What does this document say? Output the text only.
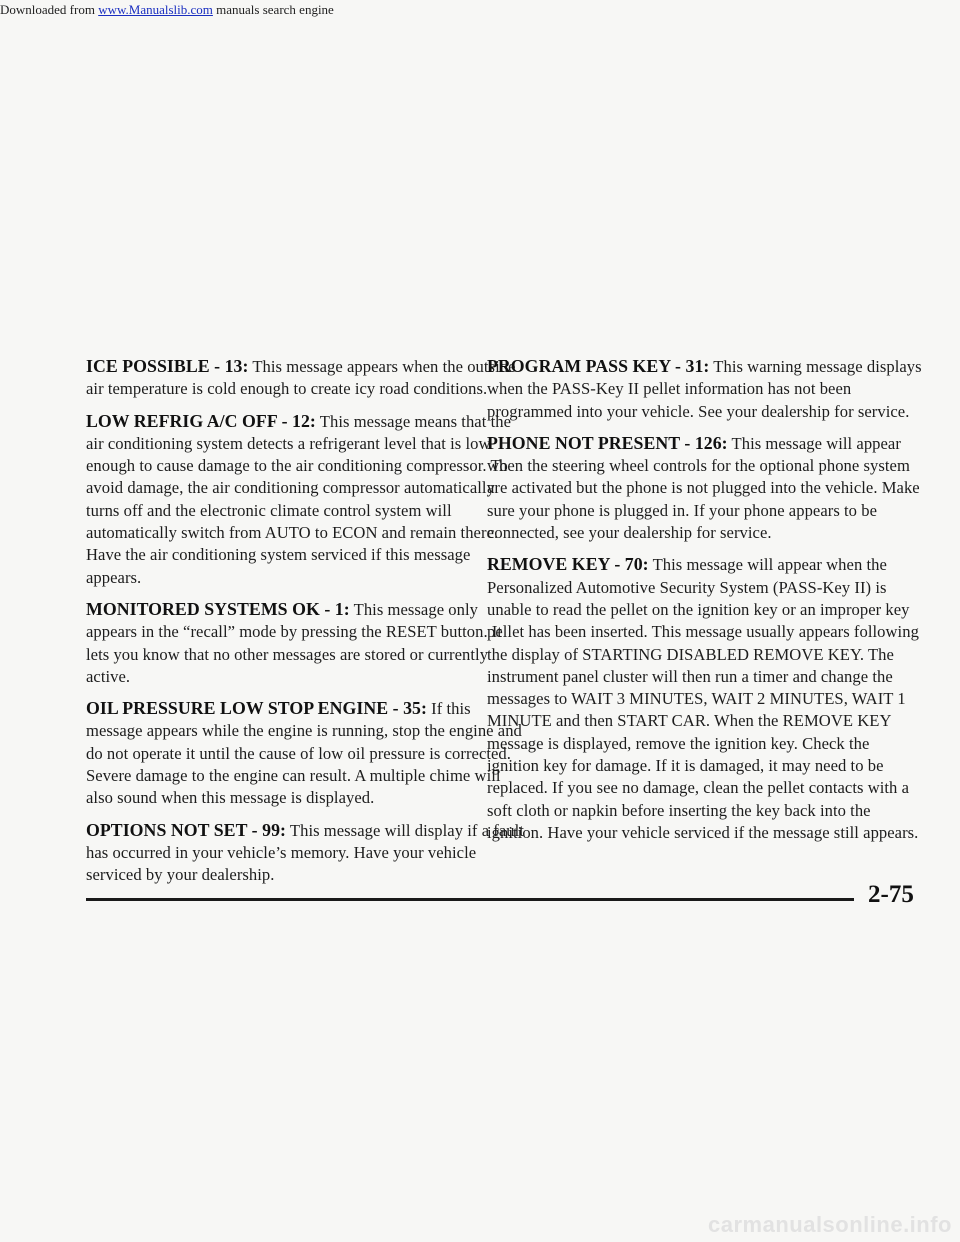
Downloaded from www.Manualslib.com manuals search engine

ICE POSSIBLE - 13: This message appears when the outside air temperature is cold enough to create icy road conditions.

LOW REFRIG A/C OFF - 12: This message means that the air conditioning system detects a refrigerant level that is low enough to cause damage to the air conditioning compressor. To avoid damage, the air conditioning compressor automatically turns off and the electronic climate control system will automatically switch from AUTO to ECON and remain there. Have the air conditioning system serviced if this message appears.

MONITORED SYSTEMS OK - 1: This message only appears in the “recall” mode by pressing the RESET button. It lets you know that no other messages are stored or currently active.

OIL PRESSURE LOW STOP ENGINE - 35: If this message appears while the engine is running, stop the engine and do not operate it until the cause of low oil pressure is corrected. Severe damage to the engine can result. A multiple chime will also sound when this message is displayed.

OPTIONS NOT SET - 99: This message will display if a fault has occurred in your vehicle’s memory. Have your vehicle serviced by your dealership.

PROGRAM PASS KEY - 31: This warning message displays when the PASS-Key II pellet information has not been programmed into your vehicle. See your dealership for service.

PHONE NOT PRESENT - 126: This message will appear when the steering wheel controls for the optional phone system are activated but the phone is not plugged into the vehicle. Make sure your phone is plugged in. If your phone appears to be connected, see your dealership for service.

REMOVE KEY - 70: This message will appear when the Personalized Automotive Security System (PASS-Key II) is unable to read the pellet on the ignition key or an improper key pellet has been inserted. This message usually appears following the display of STARTING DISABLED REMOVE KEY. The instrument panel cluster will then run a timer and change the messages to WAIT 3 MINUTES, WAIT 2 MINUTES, WAIT 1 MINUTE and then START CAR. When the REMOVE KEY message is displayed, remove the ignition key. Check the ignition key for damage. If it is damaged, it may need to be replaced. If you see no damage, clean the pellet contacts with a soft cloth or napkin before inserting the key back into the ignition. Have your vehicle serviced if the message still appears.

2-75
carmanualsonline.info
